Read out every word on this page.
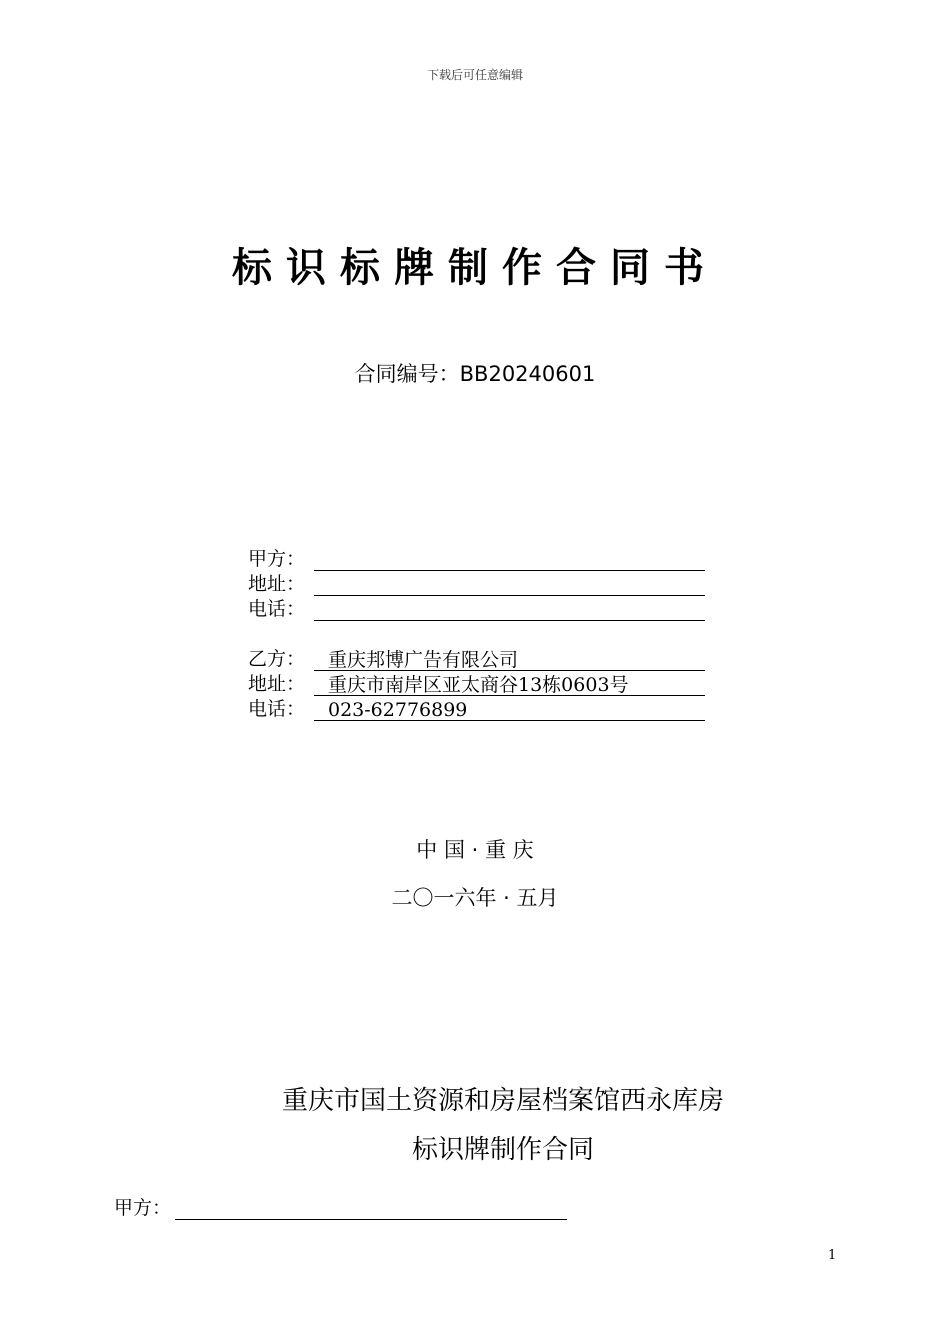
下载后可任意编辑
标识标牌制作合同书
合同编号：BB20240601
甲方：
地址：
电话：
乙方：	重庆邦博广告有限公司
地址：	重庆市南岸区亚太商谷13栋0603号
电话：	023-62776899
中 国 · 重 庆
二〇一六年 · 五月
重庆市国土资源和房屋档案馆西永库房
标识牌制作合同
甲方：
1
